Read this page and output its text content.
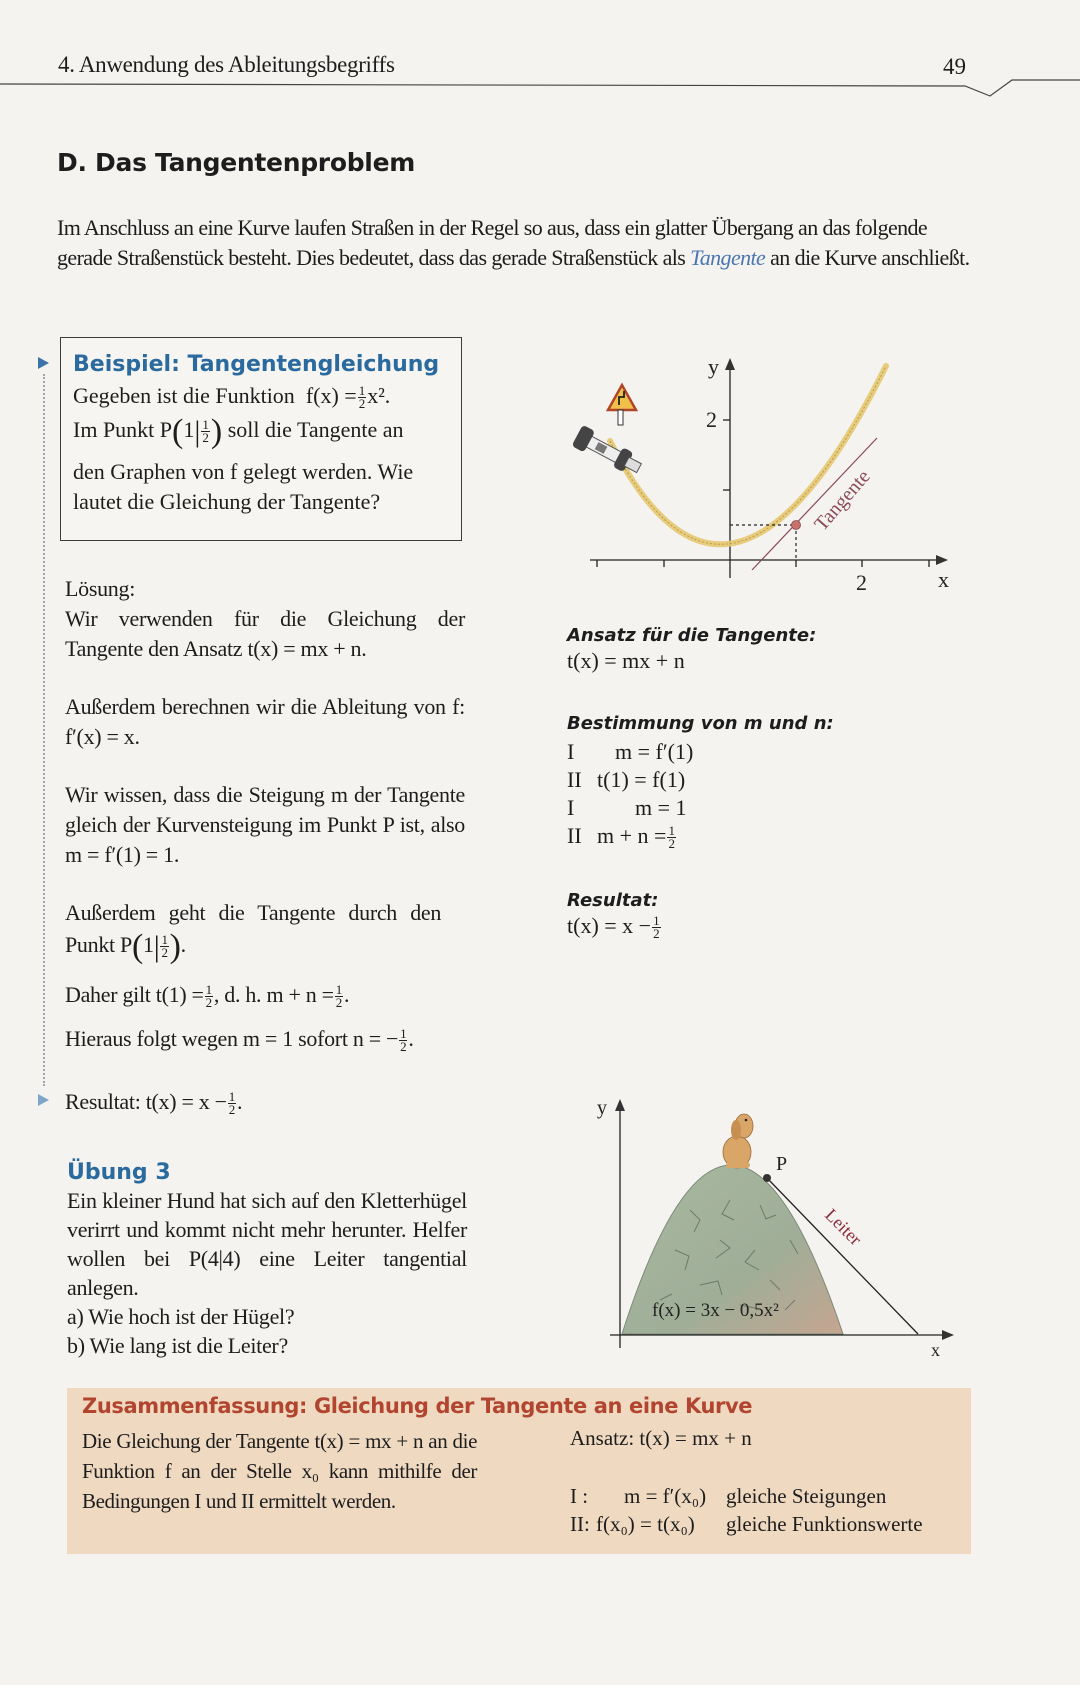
4. Anwendung des Ableitungsbegriffs	49
D. Das Tangentenproblem
Im Anschluss an eine Kurve laufen Straßen in der Regel so aus, dass ein glatter Übergang an das folgende gerade Straßenstück besteht. Dies bedeutet, dass das gerade Straßenstück als Tangente an die Kurve anschließt.
Beispiel: Tangentengleichung
Gegeben ist die Funktion $f(x) = \frac{1}{2} x^2$.
Im Punkt $P(1| \frac{1}{2}$ ) soll die Tangente an
den Graphen von f gelegt werden. Wie
lautet die Gleichung der Tangente?
Lösung:
Wir verwenden für die Gleichung der Tangente den Ansatz t(x) = mx + n.
Außerdem berechnen wir die Ableitung von f: f′(x) = x.
Wir wissen, dass die Steigung m der Tangente gleich der Kurvensteigung im Punkt P ist, also m = f′(1) = 1.
Außerdem geht die Tangente durch den
Punkt $P(1| \frac{1}{2}$ ).
Daher gilt $t(1) = \frac{1}{2}$ , d. h. $m + n = \frac{1}{2}$ .
Hieraus folgt wegen m = 1 sofort n = − $\frac{1}{2}$ .
Resultat: $t(x) = x - \frac{1}{2}$ .
y
2
2	x
Tangente
Ansatz für die Tangente:
t(x) = mx + n
Bestimmung von m und n:
I m = f′(1)
II t(1) = f(1)
I	m = 1
II $m + n = \frac{1}{2}$
Resultat:
$t(x) = x - \frac{1}{2}$
Übung 3
Ein kleiner Hund hat sich auf den Kletterhügel verirrt und kommt nicht mehr herunter. Helfer wollen bei P(4|4) eine Leiter tangential anlegen.
a) Wie hoch ist der Hügel?
b) Wie lang ist die Leiter?
y
P
x
Leiter
f(x) = 3x − 0,5x²
Zusammenfassung: Gleichung der Tangente an eine Kurve
Die Gleichung der Tangente t(x) = mx + n an die Funktion f an der Stelle x₀ kann mithilfe der Bedingungen I und II ermittelt werden.
Ansatz: t(x) = mx + n
I : m = f′(x₀) gleiche Steigungen
II: f(x₀) = t(x₀) gleiche Funktionswerte
